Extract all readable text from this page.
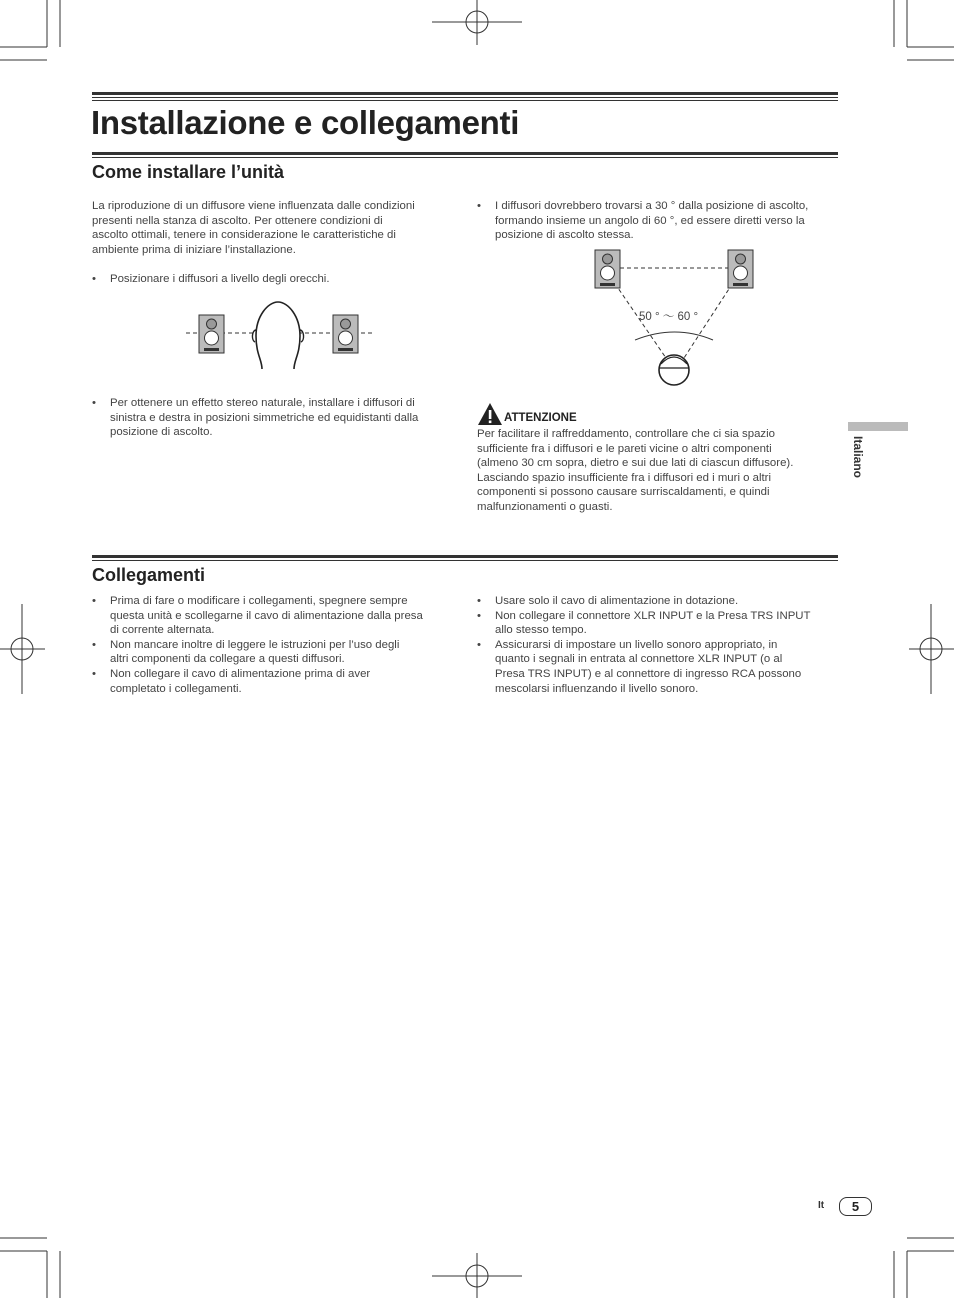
Installazione e collegamenti
Come installare l’unità
La riproduzione di un diffusore viene influenzata dalle condizioni
presenti nella stanza di ascolto. Per ottenere condizioni di
ascolto ottimali, tenere in considerazione le caratteristiche di
ambiente prima di iniziare l’installazione.
• Posizionare i diffusori a livello degli orecchi.
• Per ottenere un effetto stereo naturale, installare i diffusori di
sinistra e destra in posizioni simmetriche ed equidistanti dalla
posizione di ascolto.
• I diffusori dovrebbero trovarsi a 30 ° dalla posizione di ascolto,
formando insieme un angolo di 60 °, ed essere diretti verso la
posizione di ascolto stessa.
50 ° ～ 60 °
ATTENZIONE
Per facilitare il raffreddamento, controllare che ci sia spazio
sufficiente fra i diffusori e le pareti vicine o altri componenti
(almeno 30 cm sopra, dietro e sui due lati di ciascun diffusore).
Lasciando spazio insufficiente fra i diffusori ed i muri o altri
componenti si possono causare surriscaldamenti, e quindi
malfunzionamenti o guasti.
Italiano
Collegamenti
• Prima di fare o modificare i collegamenti, spegnere sempre
questa unità e scollegarne il cavo di alimentazione dalla presa
di corrente alternata.
• Non mancare inoltre di leggere le istruzioni per l’uso degli
altri componenti da collegare a questi diffusori.
• Non collegare il cavo di alimentazione prima di aver
completato i collegamenti.
• Usare solo il cavo di alimentazione in dotazione.
• Non collegare il connettore XLR INPUT e la Presa TRS INPUT
allo stesso tempo.
• Assicurarsi di impostare un livello sonoro appropriato, in
quanto i segnali in entrata al connettore XLR INPUT (o al
Presa TRS INPUT) e al connettore di ingresso RCA possono
mescolarsi influenzando il livello sonoro.
It	5
